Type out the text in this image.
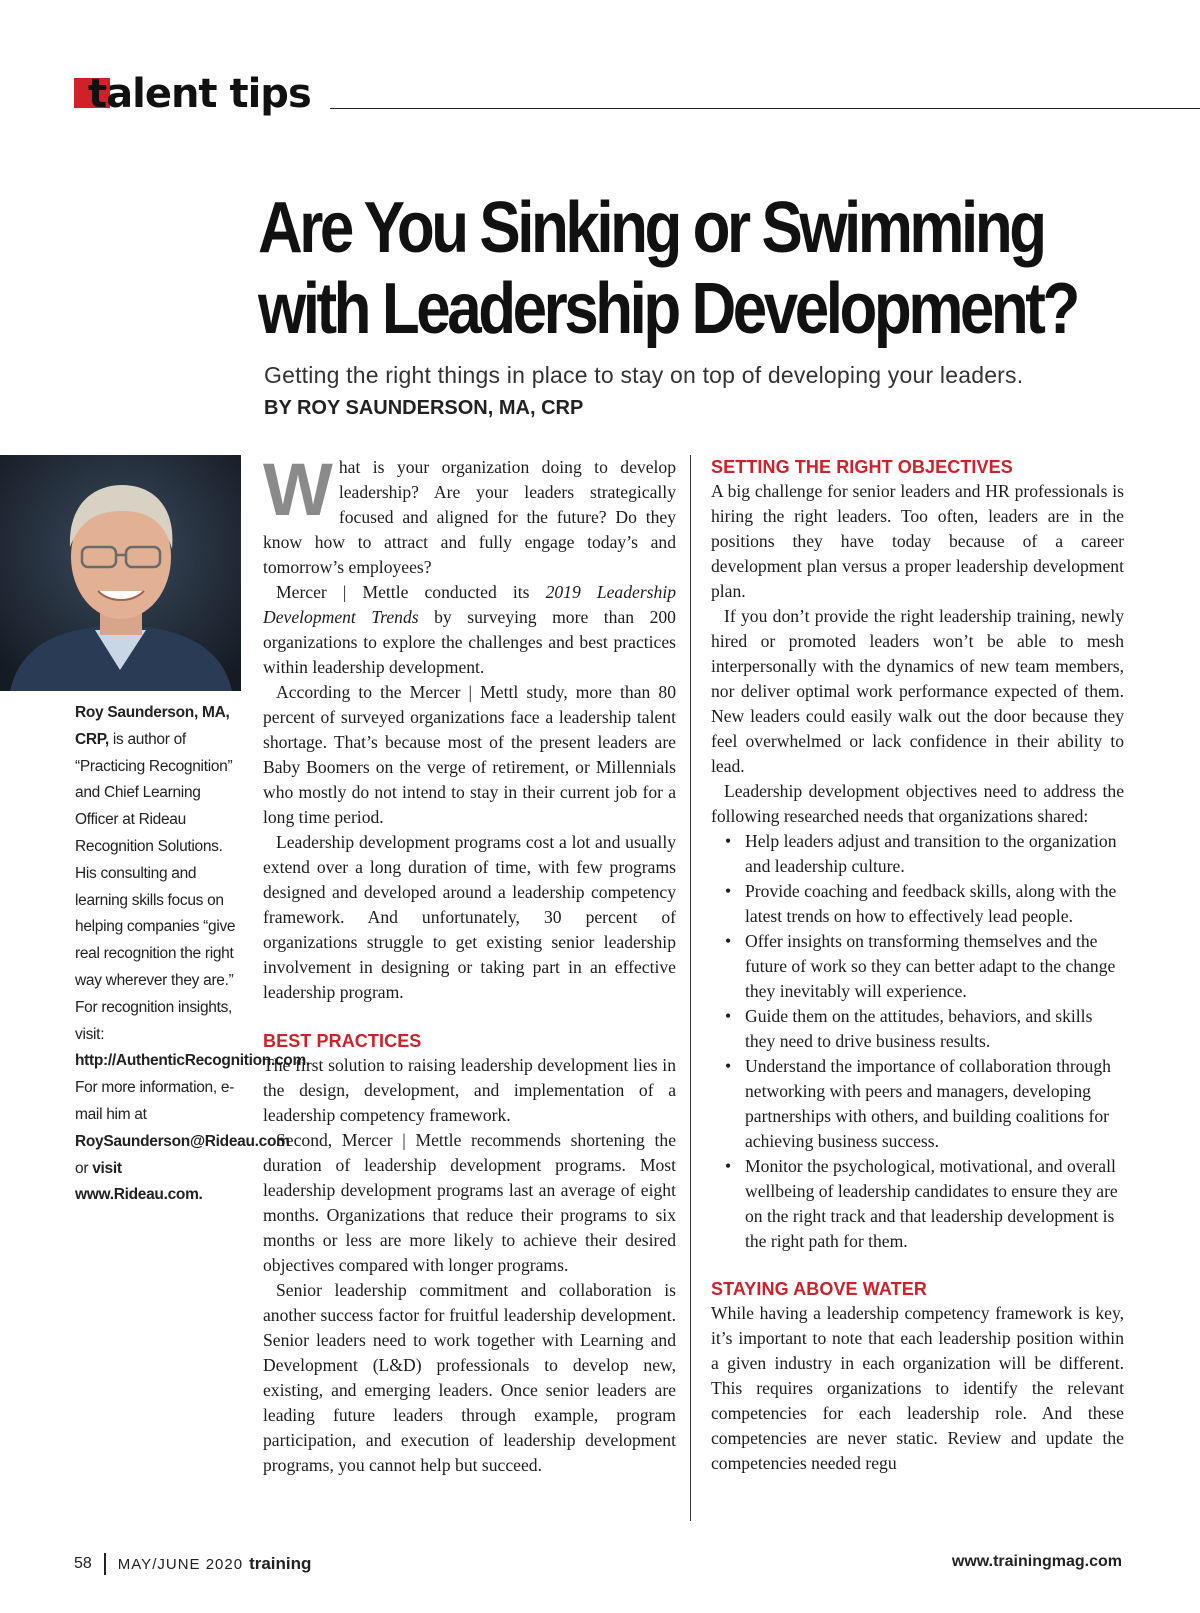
talent tips
Are You Sinking or Swimming
with Leadership Development?
Getting the right things in place to stay on top of developing your leaders.
BY ROY SAUNDERSON, MA, CRP
Roy Saunderson, MA, CRP, is author of “Practicing Recognition” and Chief Learning Officer at Rideau Recognition Solutions. His consulting and learning skills focus on helping companies “give real recognition the right way wherever they are.” For recognition insights, visit: http://AuthenticRecognition.com. For more information, e-mail him at RoySaunderson@Rideau.com or visit www.Rideau.com.

What is your organization doing to develop leadership? Are your leaders strategically focused and aligned for the future? Do they know how to attract and fully engage today’s and tomorrow’s employees?

Mercer | Mettle conducted its 2019 Leadership Development Trends by surveying more than 200 organizations to explore the challenges and best practices within leadership development.

According to the Mercer | Mettl study, more than 80 percent of surveyed organizations face a leadership talent shortage. That’s because most of the present leaders are Baby Boomers on the verge of retirement, or Millennials who mostly do not intend to stay in their current job for a long time period.

Leadership development programs cost a lot and usually extend over a long duration of time, with few programs designed and developed around a leadership competency framework. And unfortunately, 30 percent of organizations struggle to get existing senior leadership involvement in designing or taking part in an effective leadership program.

BEST PRACTICES

The first solution to raising leadership development lies in the design, development, and implementation of a leadership competency framework.

Second, Mercer | Mettle recommends shortening the duration of leadership development programs. Most leadership development programs last an average of eight months. Organizations that reduce their programs to six months or less are more likely to achieve their desired objectives compared with longer programs.

Senior leadership commitment and collaboration is another success factor for fruitful leadership development. Senior leaders need to work together with Learning and Development (L&D) professionals to develop new, existing, and emerging leaders. Once senior leaders are leading future leaders through example, program participation, and execution of leadership development programs, you cannot help but succeed.

SETTING THE RIGHT OBJECTIVES

A big challenge for senior leaders and HR professionals is hiring the right leaders. Too often, leaders are in the positions they have today because of a career development plan versus a proper leadership development plan.

If you don’t provide the right leadership training, newly hired or promoted leaders won’t be able to mesh interpersonally with the dynamics of new team members, nor deliver optimal work performance expected of them. New leaders could easily walk out the door because they feel overwhelmed or lack confidence in their ability to lead.

Leadership development objectives need to address the following researched needs that organizations shared:

• Help leaders adjust and transition to the organization and leadership culture.
• Provide coaching and feedback skills, along with the latest trends on how to effectively lead people.
• Offer insights on transforming themselves and the future of work so they can better adapt to the change they inevitably will experience.
• Guide them on the attitudes, behaviors, and skills they need to drive business results.
• Understand the importance of collaboration through networking with peers and managers, developing partnerships with others, and building coalitions for achieving business success.
• Monitor the psychological, motivational, and overall wellbeing of leadership candidates to ensure they are on the right track and that leadership development is the right path for them.
STAYING ABOVE WATER

While having a leadership competency framework is key, it’s important to note that each leadership position within a given industry in each organization will be different. This requires organizations to identify the relevant competencies for each leadership role. And these competencies are never static. Review and update the competencies needed regu

58 MAY/JUNE 2020 training	www.trainingmag.com
